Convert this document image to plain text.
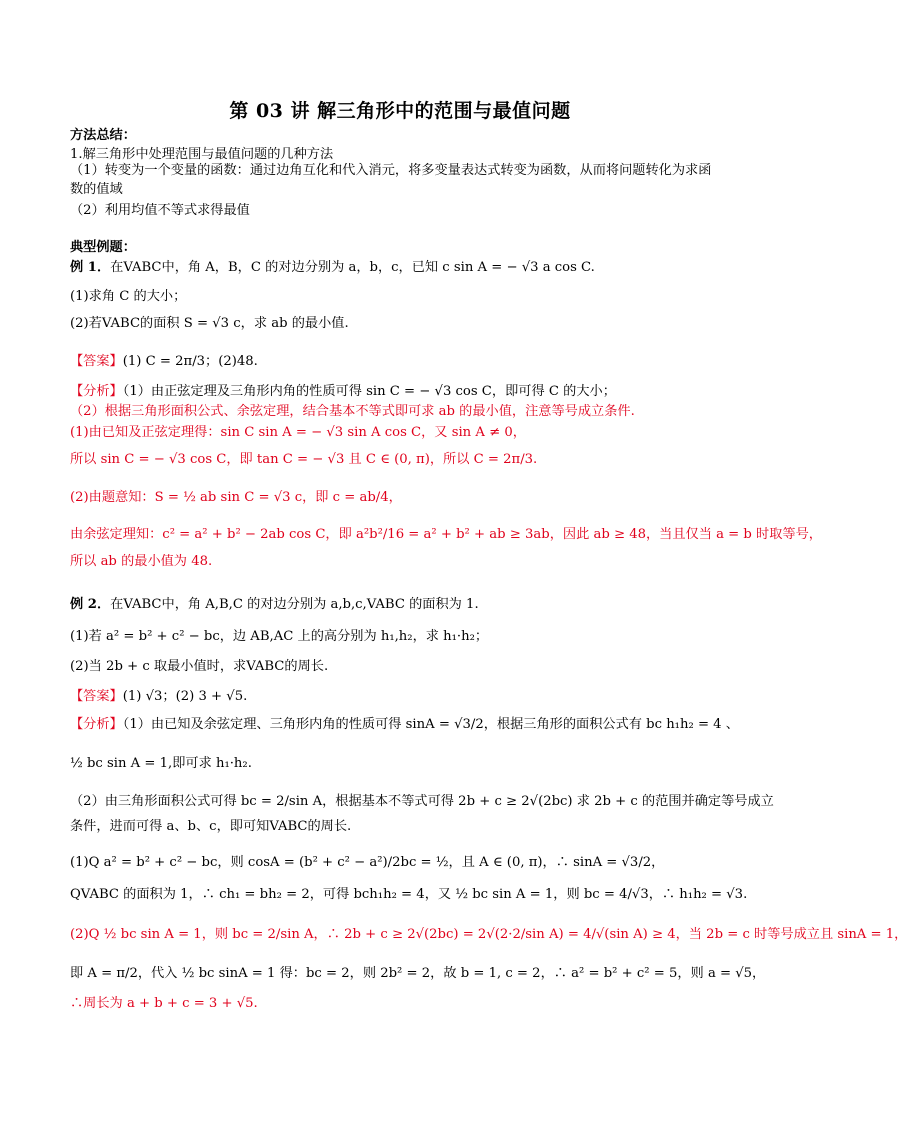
第 03 讲 解三角形中的范围与最值问题
方法总结：
1.解三角形中处理范围与最值问题的几种方法
（1）转变为一个变量的函数：通过边角互化和代入消元，将多变量表达式转变为函数，从而将问题转化为求函数的值域
（2）利用均值不等式求得最值
典型例题：
例 1．在VABC中，角 A，B，C 的对边分别为 a，b，c，已知 c sin A = − √3 a cos C.
(1)求角 C 的大小；
(2)若VABC的面积 S = √3 c，求 ab 的最小值.
【答案】(1) C = 2π/3；(2)48.
【分析】（1）由正弦定理及三角形内角的性质可得 sin C = − √3 cos C，即可得 C 的大小；
（2）根据三角形面积公式、余弦定理，结合基本不等式即可求 ab 的最小值，注意等号成立条件.
(1)由已知及正弦定理得：sin C sin A = − √3 sin A cos C，又 sin A ≠ 0，
所以 sin C = − √3 cos C，即 tan C = − √3 且 C ∈ (0, π)，所以 C = 2π/3.
(2)由题意知：S = ½ ab sin C = √3 c，即 c = ab/4，
由余弦定理知：c² = a² + b² − 2ab cos C，即 a²b²/16 = a² + b² + ab ≥ 3ab，因此 ab ≥ 48，当且仅当 a = b 时取等号，
所以 ab 的最小值为 48.
例 2．在VABC中，角 A,B,C 的对边分别为 a,b,c,VABC 的面积为 1.
(1)若 a² = b² + c² − bc，边 AB,AC 上的高分别为 h₁,h₂，求 h₁·h₂；
(2)当 2b + c 取最小值时，求VABC的周长.
【答案】(1) √3；(2) 3 + √5.
【分析】（1）由已知及余弦定理、三角形内角的性质可得 sinA = √3/2，根据三角形的面积公式有 bc h₁h₂ = 4 、
½ bc sin A = 1,即可求 h₁·h₂.
（2）由三角形面积公式可得 bc = 2/sin A，根据基本不等式可得 2b + c ≥ 2√(2bc) 求 2b + c 的范围并确定等号成立
条件，进而可得 a、b、c，即可知VABC的周长.
(1)Q a² = b² + c² − bc，则 cosA = (b² + c² − a²)/2bc = ½，且 A ∈ (0, π)，∴ sinA = √3/2，
QVABC 的面积为 1，∴ ch₁ = bh₂ = 2，可得 bch₁h₂ = 4，又 ½ bc sin A = 1，则 bc = 4/√3，∴ h₁h₂ = √3.
(2)Q ½ bc sin A = 1，则 bc = 2/sin A，∴ 2b + c ≥ 2√(2bc) = 2√(2·2/sin A) = 4/√(sin A) ≥ 4，当 2b = c 时等号成立且 sinA = 1，
即 A = π/2，代入 ½ bc sinA = 1 得：bc = 2，则 2b² = 2，故 b = 1, c = 2，∴ a² = b² + c² = 5，则 a = √5，
∴周长为 a + b + c = 3 + √5.
